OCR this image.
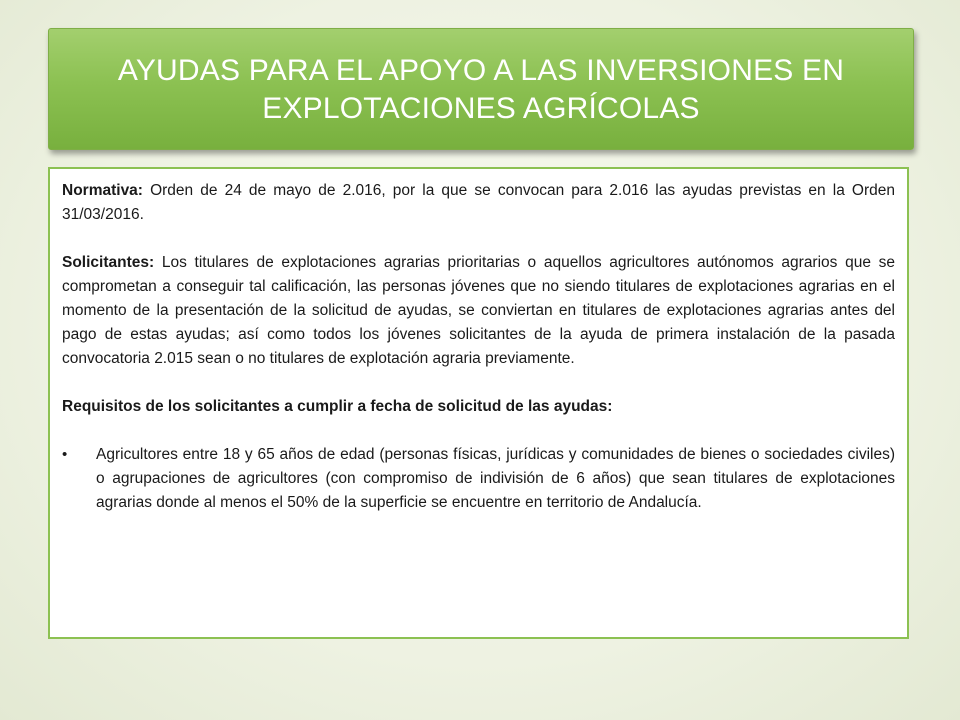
AYUDAS PARA EL APOYO A LAS INVERSIONES EN
EXPLOTACIONES AGRÍCOLAS

Normativa: Orden de 24 de mayo de 2.016, por la que se convocan para 2.016 las ayudas previstas en la Orden 31/03/2016.

Solicitantes: Los titulares de explotaciones agrarias prioritarias o aquellos agricultores autónomos agrarios que se comprometan a conseguir tal calificación, las personas jóvenes que no siendo titulares de explotaciones agrarias en el momento de la presentación de la solicitud de ayudas, se conviertan en titulares de explotaciones agrarias antes del pago de estas ayudas; así como todos los jóvenes solicitantes de la ayuda de primera instalación de la pasada convocatoria 2.015 sean o no titulares de explotación agraria previamente.

Requisitos de los solicitantes a cumplir a fecha de solicitud de las ayudas:

•	Agricultores entre 18 y 65 años de edad (personas físicas, jurídicas y comunidades de bienes o sociedades civiles) o agrupaciones de agricultores (con compromiso de indivisión de 6 años) que sean titulares de explotaciones agrarias donde al menos el 50% de la superficie se encuentre en territorio de Andalucía.
